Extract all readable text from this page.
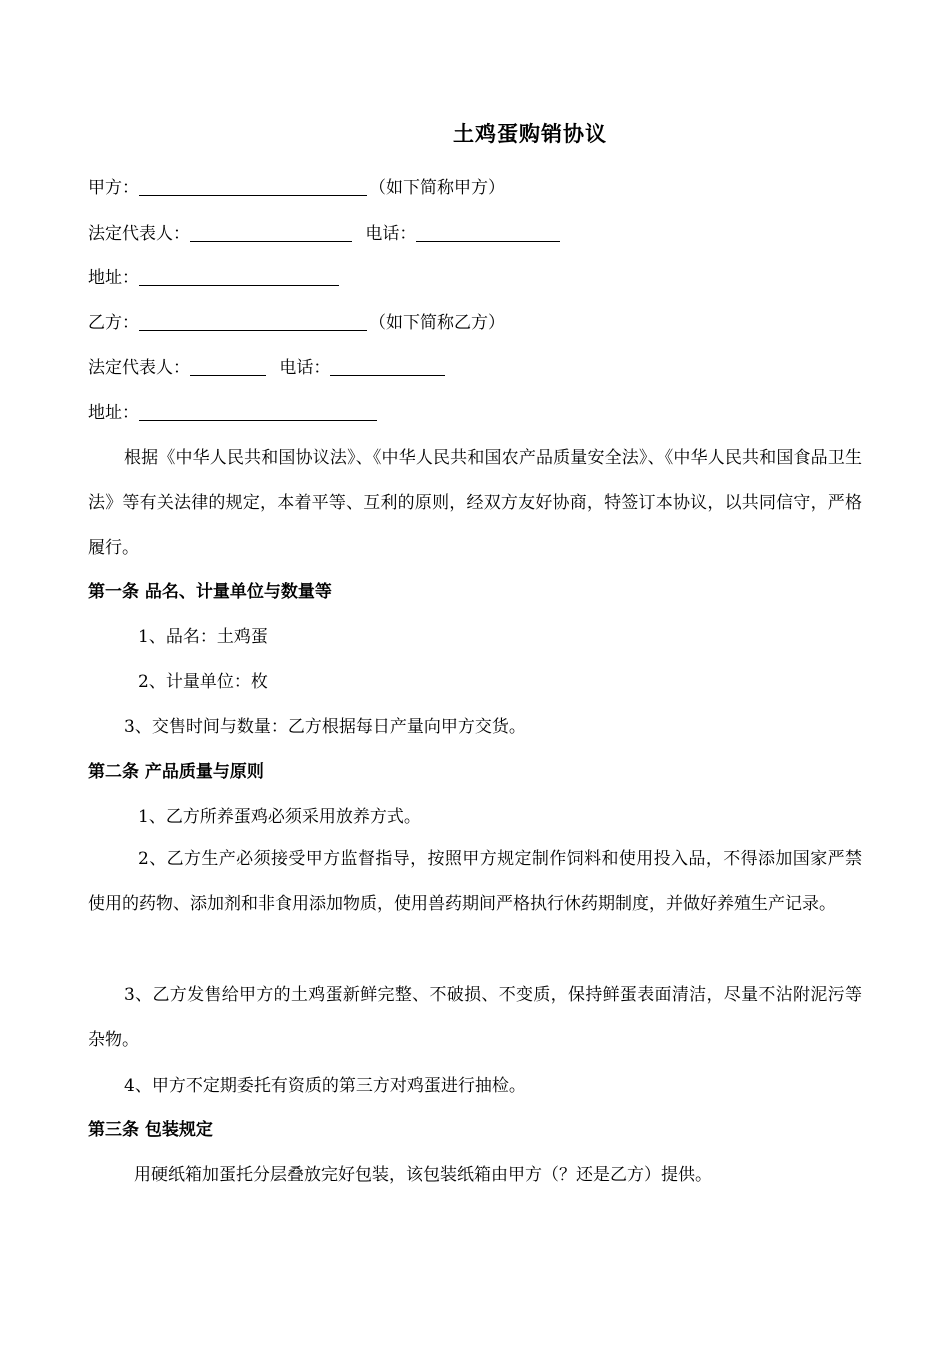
土鸡蛋购销协议
甲方：	（如下简称甲方）
法定代表人：	电话：
地址：
乙方：	（如下简称乙方）
法定代表人：	电话：
地址：
根据《中华人民共和国协议法》、《中华人民共和国农产品质量安全法》、《中华人民共和国食品卫生法》等有关法律的规定，本着平等、互利的原则，经双方友好协商，特签订本协议，以共同信守，严格履行。
第一条 品名、计量单位与数量等
1、品名：土鸡蛋
2、计量单位：枚
3、交售时间与数量：乙方根据每日产量向甲方交货。
第二条 产品质量与原则
1、乙方所养蛋鸡必须采用放养方式。
2、乙方生产必须接受甲方监督指导，按照甲方规定制作饲料和使用投入品，不得添加国家严禁使用的药物、添加剂和非食用添加物质，使用兽药期间严格执行休药期制度，并做好养殖生产记录。
3、乙方发售给甲方的土鸡蛋新鲜完整、不破损、不变质，保持鲜蛋表面清洁，尽量不沾附泥污等杂物。
4、甲方不定期委托有资质的第三方对鸡蛋进行抽检。
第三条 包装规定
用硬纸箱加蛋托分层叠放完好包装，该包装纸箱由甲方（？还是乙方）提供。
